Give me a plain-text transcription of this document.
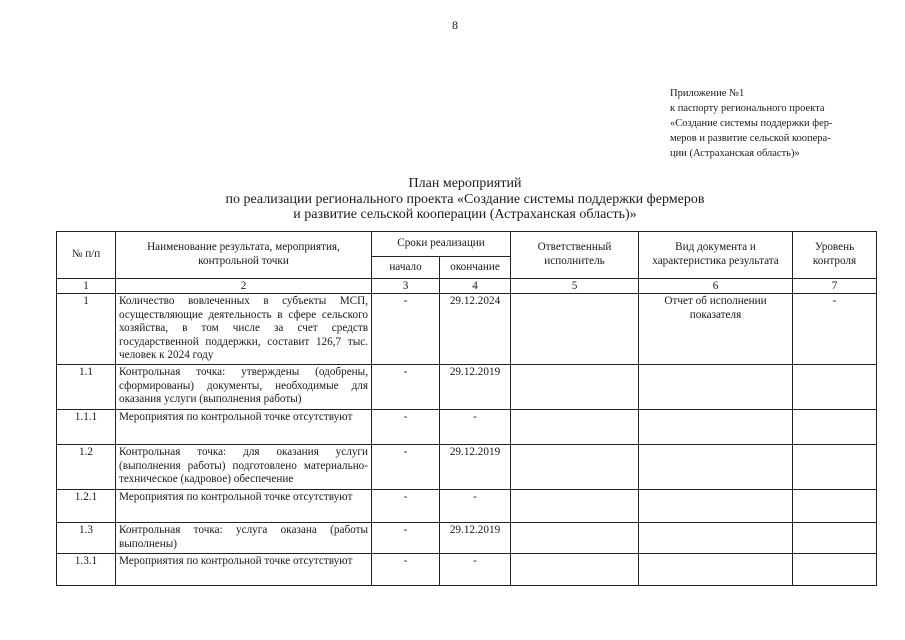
8
Приложение №1
к паспорту регионального проекта
«Создание системы поддержки фер-
меров и развитие сельской коопера-
ции (Астраханская область)»
План мероприятий
по реализации регионального проекта «Создание системы поддержки фермеров
и развитие сельской кооперации (Астраханская область)»
№ п/п	Наименование результата, мероприятия, контрольной точки	Сроки реализации		Ответственный исполнитель	Вид документа и характеристика результата	Уровень контроля
		начало	окончание			
1	2	3	4	5	6	7
1	Количество вовлеченных в субъекты МСП, осуществляющие деятельность в сфере сельского хозяйства, в том числе за счет средств государственной поддержки, составит 126,7 тыс. человек к 2024 году	-	29.12.2024		Отчет об исполнении показателя	-
1.1	Контрольная точка: утверждены (одобрены, сформированы) документы, необходимые для оказания услуги (выполнения работы)	-	29.12.2019			
1.1.1	Мероприятия по контрольной точке отсутствуют	-	-			
1.2	Контрольная точка: для оказания услуги (выполнения работы) подготовлено материально-техническое (кадровое) обеспечение	-	29.12.2019			
1.2.1	Мероприятия по контрольной точке отсутствуют	-	-			
1.3	Контрольная точка: услуга оказана (работы выполнены)	-	29.12.2019			
1.3.1	Мероприятия по контрольной точке отсутствуют	-	-			
